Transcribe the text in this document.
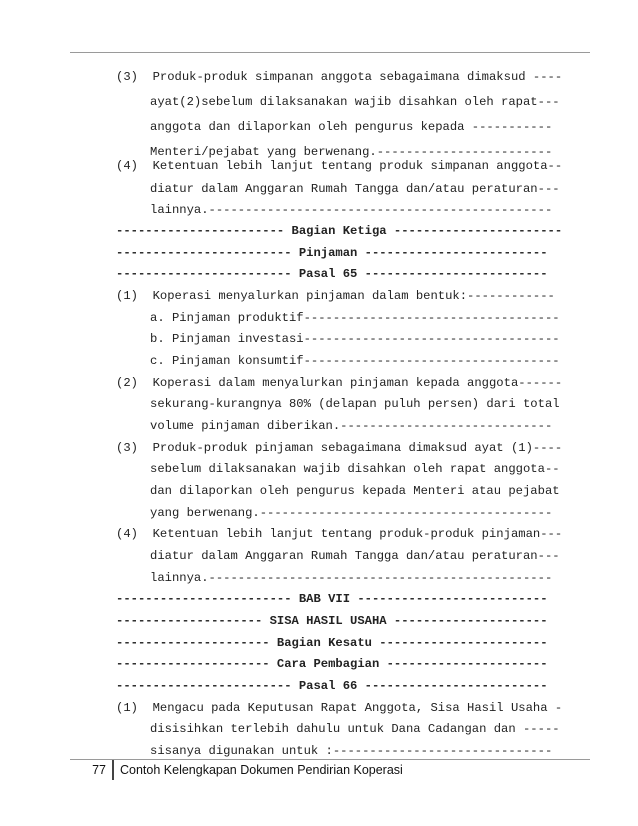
(3)  Produk-produk simpanan anggota sebagaimana dimaksud ----
ayat(2)sebelum dilaksanakan wajib disahkan oleh rapat---
anggota dan dilaporkan oleh pengurus kepada -----------
Menteri/pejabat yang berwenang.------------------------
(4)  Ketentuan lebih lanjut tentang produk simpanan anggota--
diatur dalam Anggaran Rumah Tangga dan/atau peraturan---
lainnya.-----------------------------------------------
----------------------- Bagian Ketiga -----------------------
------------------------ Pinjaman -------------------------
------------------------ Pasal 65 -------------------------
(1)  Koperasi menyalurkan pinjaman dalam bentuk:------------
a. Pinjaman produktif-----------------------------------
b. Pinjaman investasi-----------------------------------
c. Pinjaman konsumtif-----------------------------------
(2)  Koperasi dalam menyalurkan pinjaman kepada anggota------
sekurang-kurangnya 80% (delapan puluh persen) dari total
volume pinjaman diberikan.-----------------------------
(3)  Produk-produk pinjaman sebagaimana dimaksud ayat (1)----
sebelum dilaksanakan wajib disahkan oleh rapat anggota--
dan dilaporkan oleh pengurus kepada Menteri atau pejabat
yang berwenang.----------------------------------------
(4)  Ketentuan lebih lanjut tentang produk-produk pinjaman---
diatur dalam Anggaran Rumah Tangga dan/atau peraturan---
lainnya.-----------------------------------------------
------------------------ BAB VII --------------------------
-------------------- SISA HASIL USAHA ---------------------
--------------------- Bagian Kesatu -----------------------
--------------------- Cara Pembagian ----------------------
------------------------ Pasal 66 -------------------------
(1)  Mengacu pada Keputusan Rapat Anggota, Sisa Hasil Usaha -
disisihkan terlebih dahulu untuk Dana Cadangan dan -----
sisanya digunakan untuk :------------------------------
77 Contoh Kelengkapan Dokumen Pendirian Koperasi
